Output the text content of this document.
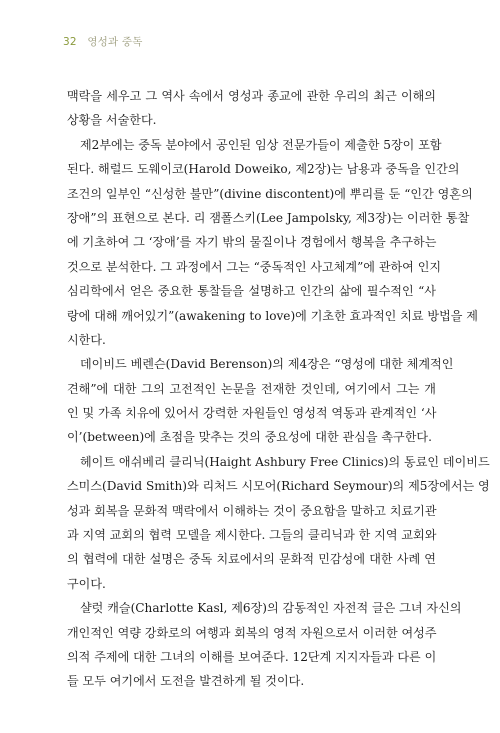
32 영성과 중독
맥락을 세우고 그 역사 속에서 영성과 종교에 관한 우리의 최근 이해의
상황을 서술한다.
제2부에는 중독 분야에서 공인된 임상 전문가들이 제출한 5장이 포함
된다. 해럴드 도웨이코(Harold Doweiko, 제2장)는 남용과 중독을 인간의
조건의 일부인 “신성한 불만”(divine discontent)에 뿌리를 둔 “인간 영혼의
장애”의 표현으로 본다. 리 잼폴스키(Lee Jampolsky, 제3장)는 이러한 통찰
에 기초하여 그 ‘장애’를 자기 밖의 물질이나 경험에서 행복을 추구하는
것으로 분석한다. 그 과정에서 그는 “중독적인 사고체계”에 관하여 인지
심리학에서 얻은 중요한 통찰들을 설명하고 인간의 삶에 필수적인 “사
랑에 대해 깨어있기”(awakening to love)에 기초한 효과적인 치료 방법을 제
시한다.
데이비드 베렌슨(David Berenson)의 제4장은 “영성에 대한 체계적인
견해”에 대한 그의 고전적인 논문을 전재한 것인데, 여기에서 그는 개
인 및 가족 치유에 있어서 강력한 자원들인 영성적 역동과 관계적인 ‘사
이’(between)에 초점을 맞추는 것의 중요성에 대한 관심을 촉구한다.
헤이트 애쉬베리 클리닉(Haight Ashbury Free Clinics)의 동료인 데이비드
스미스(David Smith)와 리처드 시모어(Richard Seymour)의 제5장에서는 영
성과 회복을 문화적 맥락에서 이해하는 것이 중요함을 말하고 치료기관
과 지역 교회의 협력 모델을 제시한다. 그들의 클리닉과 한 지역 교회와
의 협력에 대한 설명은 중독 치료에서의 문화적 민감성에 대한 사례 연
구이다.
샬럿 캐슬(Charlotte Kasl, 제6장)의 감동적인 자전적 글은 그녀 자신의
개인적인 역량 강화로의 여행과 회복의 영적 자원으로서 이러한 여성주
의적 주제에 대한 그녀의 이해를 보여준다. 12단계 지지자들과 다른 이
들 모두 여기에서 도전을 발견하게 될 것이다.
